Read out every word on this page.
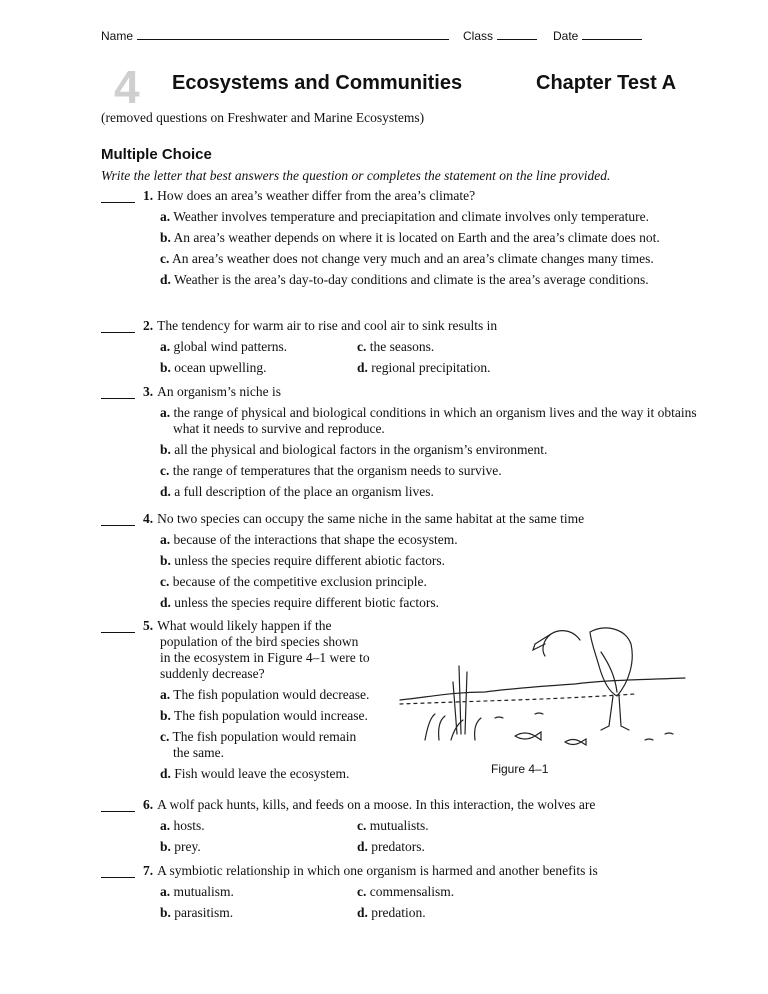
Name	Class	Date
4 Ecosystems and Communities	Chapter Test A
(removed questions on Freshwater and Marine Ecosystems)
Multiple Choice
Write the letter that best answers the question or completes the statement on the line provided.
1. How does an area’s weather differ from the area’s climate?
a. Weather involves temperature and preciapitation and climate involves only temperature.
b. An area’s weather depends on where it is located on Earth and the area’s climate does not.
c. An area’s weather does not change very much and an area’s climate changes many times.
d. Weather is the area’s day-to-day conditions and climate is the area’s average conditions.
2. The tendency for warm air to rise and cool air to sink results in
a. global wind patterns.	c. the seasons.
b. ocean upwelling.	d. regional precipitation.
3. An organism’s niche is
a. the range of physical and biological conditions in which an organism lives and the way it obtains what it needs to survive and reproduce.
b. all the physical and biological factors in the organism’s environment.
c. the range of temperatures that the organism needs to survive.
d. a full description of the place an organism lives.
4. No two species can occupy the same niche in the same habitat at the same time
a. because of the interactions that shape the ecosystem.
b. unless the species require different abiotic factors.
c. because of the competitive exclusion principle.
d. unless the species require different biotic factors.
5. What would likely happen if the
population of the bird species shown
in the ecosystem in Figure 4–1 were to
suddenly decrease?
a. The fish population would decrease.
b. The fish population would increase.
c. The fish population would remain the same.
d. Fish would leave the ecosystem.	Figure 4–1
6. A wolf pack hunts, kills, and feeds on a moose. In this interaction, the wolves are
a. hosts.	c. mutualists.
b. prey.	d. predators.
7. A symbiotic relationship in which one organism is harmed and another benefits is
a. mutualism.	c. commensalism.
b. parasitism.	d. predation.
